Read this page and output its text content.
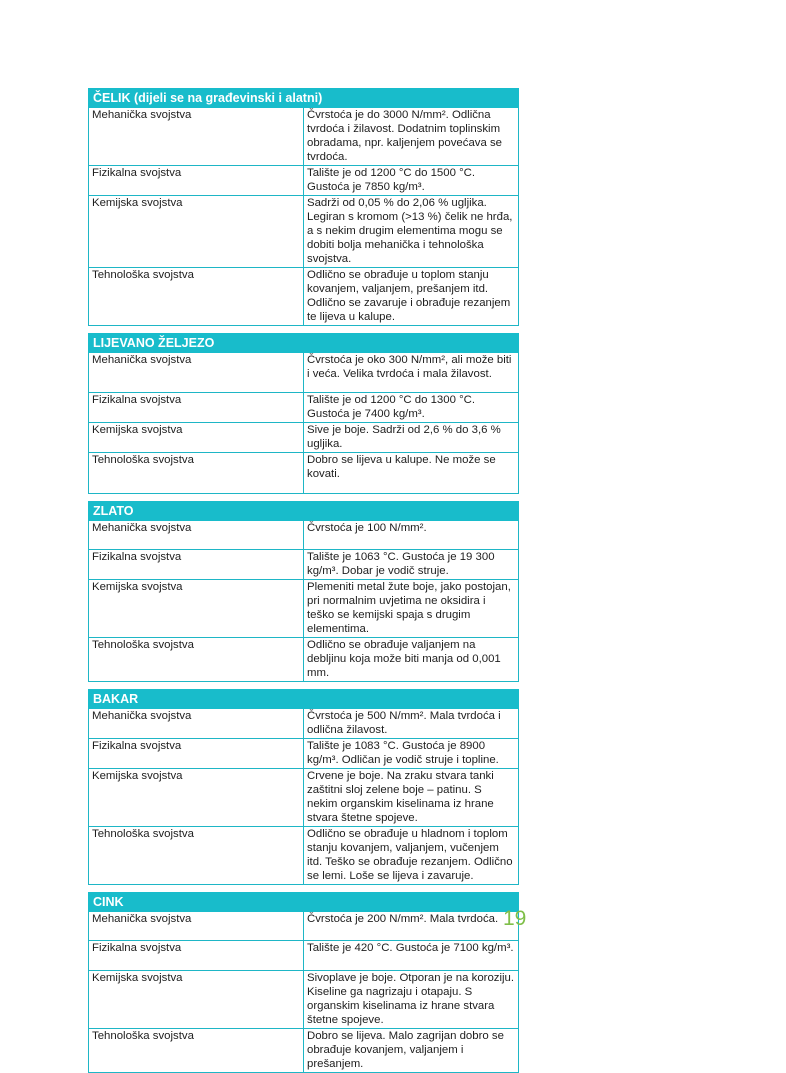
ČELIK (dijeli se na građevinski i alatni)	
Mehanička svojstva	Čvrstoća je do 3000 N/mm². Odlična tvrdoća i žilavost. Dodatnim toplinskim obradama, npr. kaljenjem povećava se tvrdoća.
Fizikalna svojstva	Talište je od 1200 °C do 1500 °C. Gustoća je 7850 kg/m³.
Kemijska svojstva	Sadrži od 0,05 % do 2,06 % ugljika. Legiran s kromom (>13 %) čelik ne hrđa, a s nekim drugim elementima mogu se dobiti bolja mehanička i tehnološka svojstva.
Tehnološka svojstva	Odlično se obrađuje u toplom stanju kovanjem, valjanjem, prešanjem itd. Odlično se zavaruje i obrađuje rezanjem te lijeva u kalupe.
LIJEVANO ŽELJEZO	
Mehanička svojstva	Čvrstoća je oko 300 N/mm², ali može biti i veća. Velika tvrdoća i mala žilavost.
Fizikalna svojstva	Talište je od 1200 °C do 1300 °C. Gustoća je 7400 kg/m³.
Kemijska svojstva	Sive je boje. Sadrži od 2,6 % do 3,6 % ugljika.
Tehnološka svojstva	Dobro se lijeva u kalupe. Ne može se kovati.
ZLATO	
Mehanička svojstva	Čvrstoća je 100 N/mm².
Fizikalna svojstva	Talište je 1063 °C. Gustoća je 19 300 kg/m³. Dobar je vodič struje.
Kemijska svojstva	Plemeniti metal žute boje, jako postojan, pri normalnim uvjetima ne oksidira i teško se kemijski spaja s drugim elementima.
Tehnološka svojstva	Odlično se obrađuje valjanjem na debljinu koja može biti manja od 0,001 mm.
BAKAR	
Mehanička svojstva	Čvrstoća je 500 N/mm². Mala tvrdoća i odlična žilavost.
Fizikalna svojstva	Talište je 1083 °C. Gustoća je 8900 kg/m³. Odličan je vodič struje i topline.
Kemijska svojstva	Crvene je boje. Na zraku stvara tanki zaštitni sloj zelene boje – patinu. S nekim organskim kiselinama iz hrane stvara štetne spojeve.
Tehnološka svojstva	Odlično se obrađuje u hladnom i toplom stanju kovanjem, valjanjem, vučenjem itd. Teško se obrađuje rezanjem. Odlično se lemi. Loše se lijeva i zavaruje.
CINK	
Mehanička svojstva	Čvrstoća je 200 N/mm². Mala tvrdoća.
Fizikalna svojstva	Talište je 420 °C. Gustoća je 7100 kg/m³.
Kemijska svojstva	Sivoplave je boje. Otporan je na koroziju. Kiseline ga nagrizaju i otapaju. S organskim kiselinama iz hrane stvara štetne spojeve.
Tehnološka svojstva	Dobro se lijeva. Malo zagrijan dobro se obrađuje kovanjem, valjanjem i prešanjem.
19
